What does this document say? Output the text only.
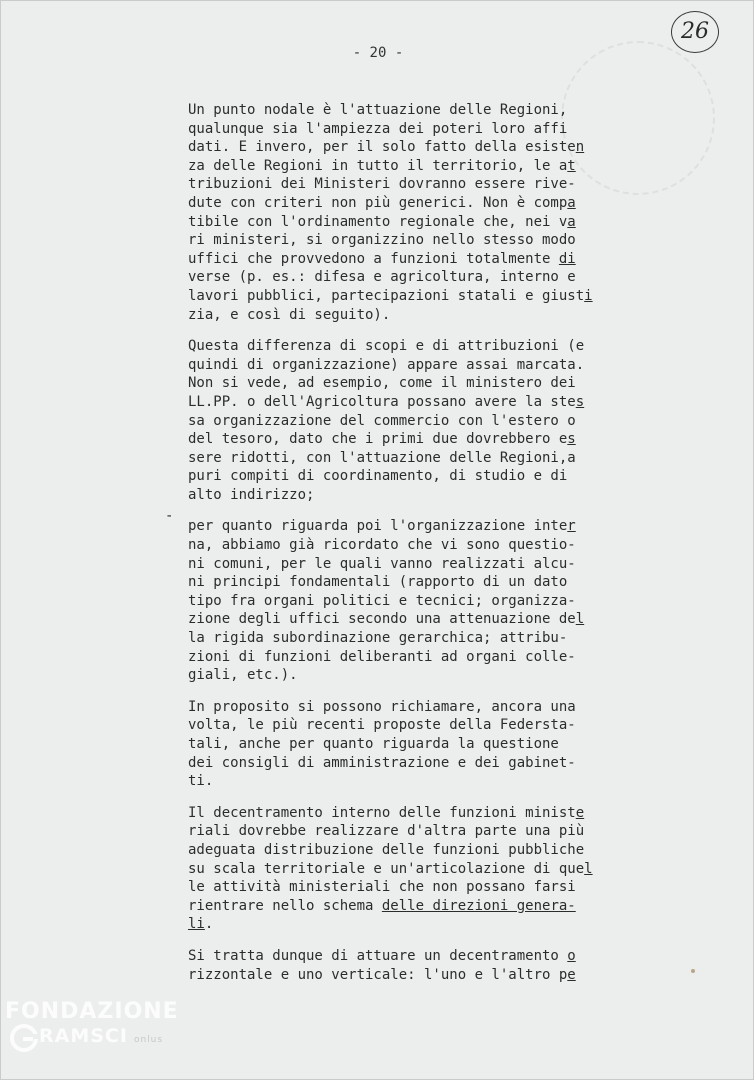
- 20 -
26
-
Un punto nodale è l'attuazione delle Regioni,
qualunque sia l'ampiezza dei poteri loro affi
dati. E invero, per il solo fatto della esisten
za delle Regioni in tutto il territorio, le at
tribuzioni dei Ministeri dovranno essere rive-
dute con criteri non più generici. Non è compa
tibile con l'ordinamento regionale che, nei va
ri ministeri, si organizzino nello stesso modo
uffici che provvedono a funzioni totalmente di
verse (p. es.: difesa e agricoltura, interno e
lavori pubblici, partecipazioni statali e giusti
zia, e così di seguito).
Questa differenza di scopi e di attribuzioni (e
quindi di organizzazione) appare assai marcata.
Non si vede, ad esempio, come il ministero dei
LL.PP. o dell'Agricoltura possano avere la stes
sa organizzazione del commercio con l'estero o
del tesoro, dato che i primi due dovrebbero es
sere ridotti, con l'attuazione delle Regioni,a
puri compiti di coordinamento, di studio e di
alto indirizzo;
per quanto riguarda poi l'organizzazione inter
na, abbiamo già ricordato che vi sono questio-
ni comuni, per le quali vanno realizzati alcu-
ni principi fondamentali (rapporto di un dato
tipo fra organi politici e tecnici; organizza-
zione degli uffici secondo una attenuazione del
la rigida subordinazione gerarchica; attribu-
zioni di funzioni deliberanti ad organi colle-
giali, etc.).
In proposito si possono richiamare, ancora una
volta, le più recenti proposte della Federsta-
tali, anche per quanto riguarda la questione
dei consigli di amministrazione e dei gabinet-
ti.
Il decentramento interno delle funzioni ministe
riali dovrebbe realizzare d'altra parte una più
adeguata distribuzione delle funzioni pubbliche
su scala territoriale e un'articolazione di quel
le attività ministeriali che non possano farsi
rientrare nello schema delle direzioni genera-
li.
Si tratta dunque di attuare un decentramento o
rizzontale e uno verticale: l'uno e l'altro pe
FONDAZIONE
RAMSCI onlus
